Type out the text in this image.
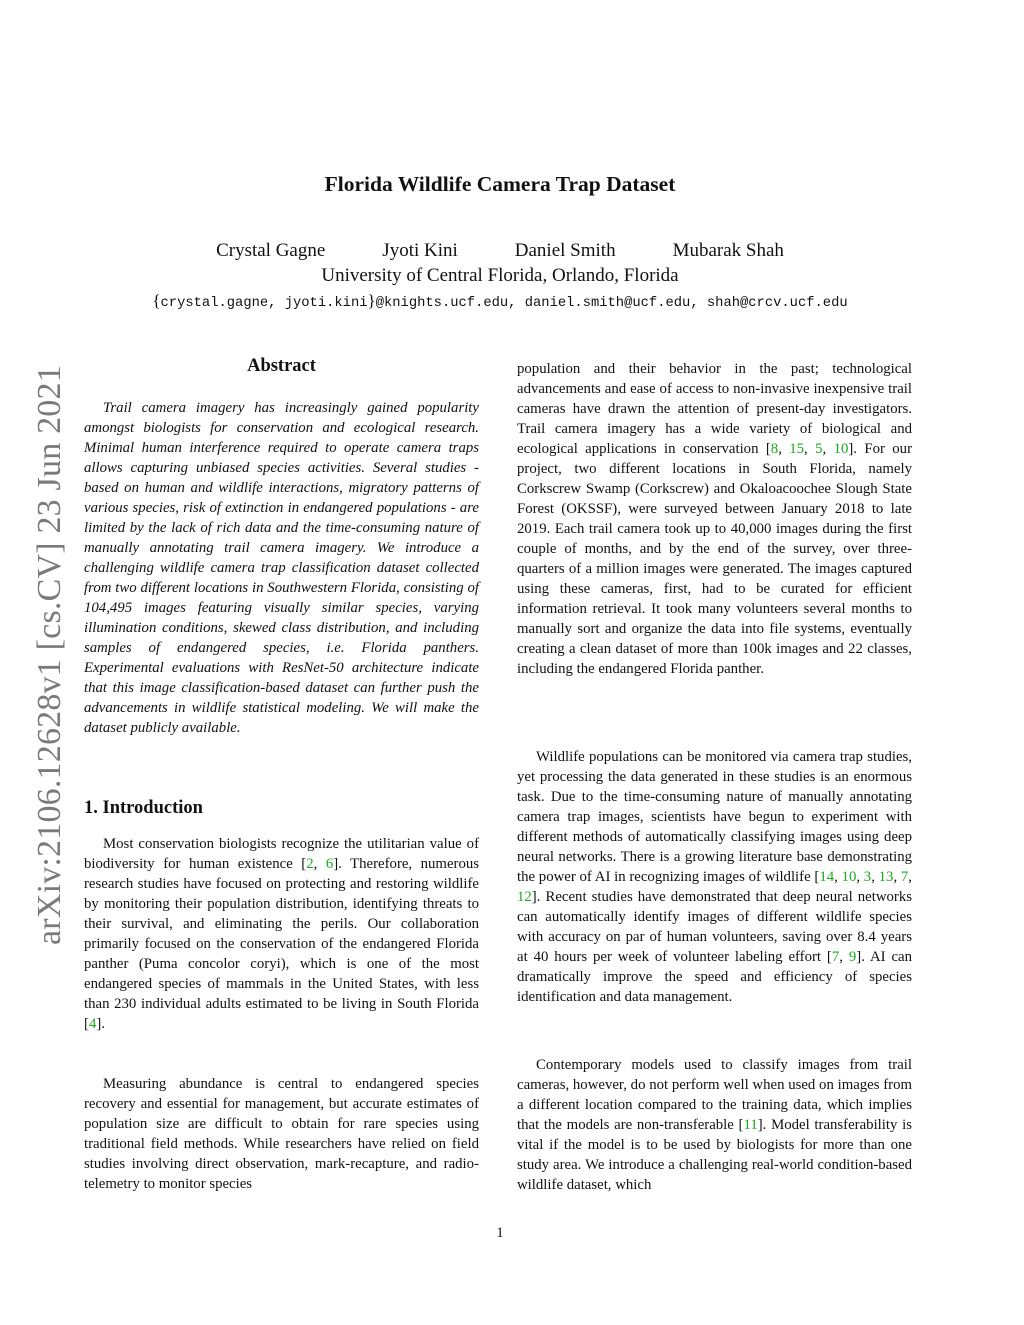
arXiv:2106.12628v1 [cs.CV] 23 Jun 2021
Florida Wildlife Camera Trap Dataset
Crystal Gagne	Jyoti Kini	Daniel Smith	Mubarak Shah
University of Central Florida, Orlando, Florida
{crystal.gagne, jyoti.kini}@knights.ucf.edu, daniel.smith@ucf.edu, shah@crcv.ucf.edu
Abstract

Trail camera imagery has increasingly gained popularity amongst biologists for conservation and ecological research. Minimal human interference required to operate camera traps allows capturing unbiased species activities. Several studies - based on human and wildlife interactions, migratory patterns of various species, risk of extinction in endangered populations - are limited by the lack of rich data and the time-consuming nature of manually annotating trail camera imagery. We introduce a challenging wildlife camera trap classification dataset collected from two different locations in Southwestern Florida, consisting of 104,495 images featuring visually similar species, varying illumination conditions, skewed class distribution, and including samples of endangered species, i.e. Florida panthers. Experimental evaluations with ResNet-50 architecture indicate that this image classification-based dataset can further push the advancements in wildlife statistical modeling. We will make the dataset publicly available.

1. Introduction

Most conservation biologists recognize the utilitarian value of biodiversity for human existence [2, 6]. Therefore, numerous research studies have focused on protecting and restoring wildlife by monitoring their population distribution, identifying threats to their survival, and eliminating the perils. Our collaboration primarily focused on the conservation of the endangered Florida panther (Puma concolor coryi), which is one of the most endangered species of mammals in the United States, with less than 230 individual adults estimated to be living in South Florida [4].

Measuring abundance is central to endangered species recovery and essential for management, but accurate estimates of population size are difficult to obtain for rare species using traditional field methods. While researchers have relied on field studies involving direct observation, mark-recapture, and radio-telemetry to monitor species

population and their behavior in the past; technological advancements and ease of access to non-invasive inexpensive trail cameras have drawn the attention of present-day investigators. Trail camera imagery has a wide variety of biological and ecological applications in conservation [8, 15, 5, 10]. For our project, two different locations in South Florida, namely Corkscrew Swamp (Corkscrew) and Okaloacoochee Slough State Forest (OKSSF), were surveyed between January 2018 to late 2019. Each trail camera took up to 40,000 images during the first couple of months, and by the end of the survey, over three-quarters of a million images were generated. The images captured using these cameras, first, had to be curated for efficient information retrieval. It took many volunteers several months to manually sort and organize the data into file systems, eventually creating a clean dataset of more than 100k images and 22 classes, including the endangered Florida panther.

Wildlife populations can be monitored via camera trap studies, yet processing the data generated in these studies is an enormous task. Due to the time-consuming nature of manually annotating camera trap images, scientists have begun to experiment with different methods of automatically classifying images using deep neural networks. There is a growing literature base demonstrating the power of AI in recognizing images of wildlife [14, 10, 3, 13, 7, 12]. Recent studies have demonstrated that deep neural networks can automatically identify images of different wildlife species with accuracy on par of human volunteers, saving over 8.4 years at 40 hours per week of volunteer labeling effort [7, 9]. AI can dramatically improve the speed and efficiency of species identification and data management.

Contemporary models used to classify images from trail cameras, however, do not perform well when used on images from a different location compared to the training data, which implies that the models are non-transferable [11]. Model transferability is vital if the model is to be used by biologists for more than one study area. We introduce a challenging real-world condition-based wildlife dataset, which

1
